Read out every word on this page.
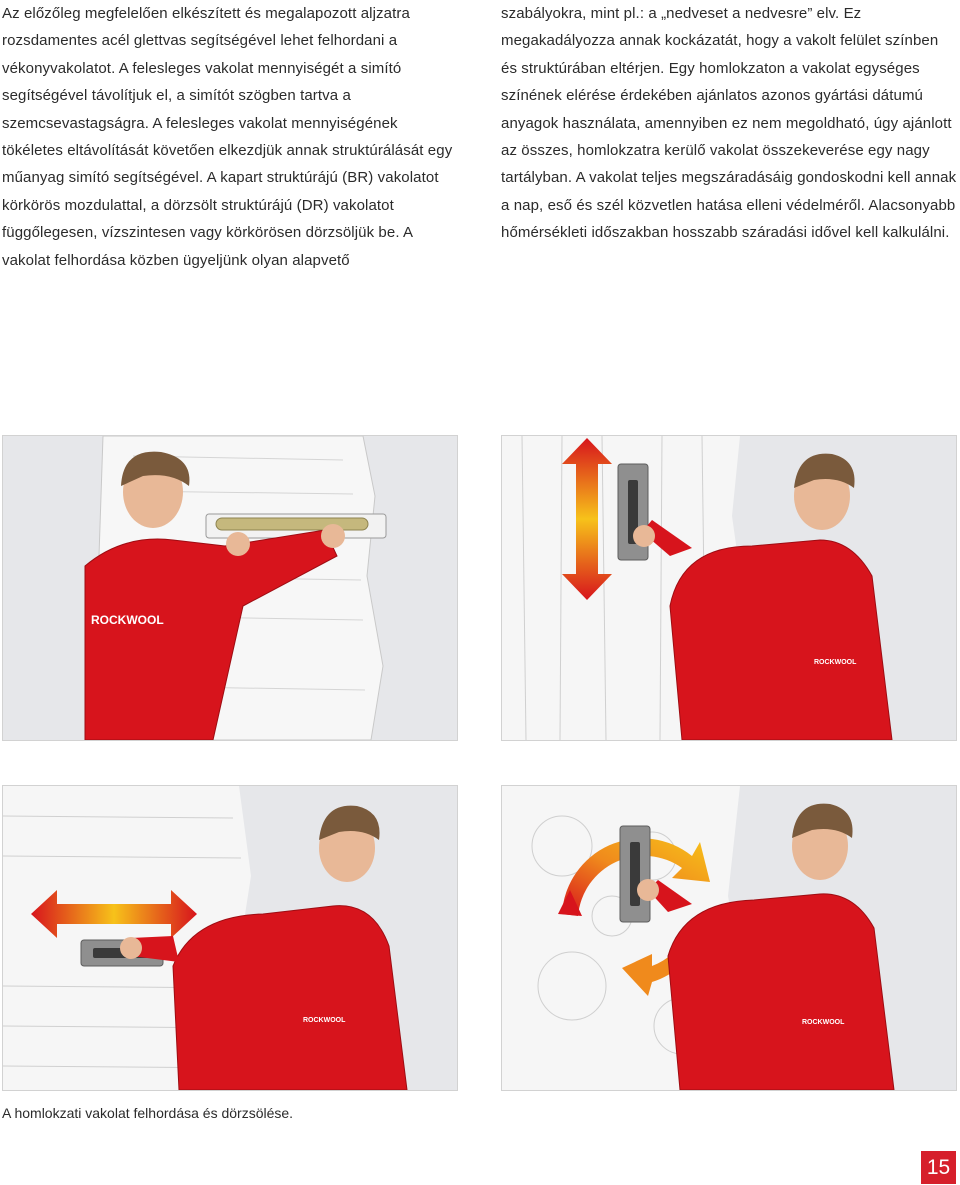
Az előzőleg megfelelően elkészített és megalapozott aljzatra rozsdamentes acél glettvas segítségével lehet felhordani a vékonyvakolatot. A felesleges vakolat mennyiségét a simító segítségével távolítjuk el, a simítót szögben tartva a szemcsevastagságra. A felesleges vakolat mennyiségének tökéletes eltávolítását követően elkezdjük annak struktúrálását egy műanyag simító segítségével. A kapart struktúrájú (BR) vakolatot körkörös mozdulattal, a dörzsölt struktúrájú (DR) vakolatot függőlegesen, vízszintesen vagy körkörösen dörzsöljük be. A vakolat felhordása közben ügyeljünk olyan alapvető

szabályokra, mint pl.: a „nedveset a nedvesre” elv. Ez megakadályozza annak kockázatát, hogy a vakolt felület színben és struktúrában eltérjen. Egy homlokzaton a vakolat egységes színének elérése érdekében ajánlatos azonos gyártási dátumú anyagok használata, amennyiben ez nem megoldható, úgy ajánlott az összes, homlokzatra kerülő vakolat összekeverése egy nagy tartályban. A vakolat teljes megszáradásáig gondoskodni kell annak a nap, eső és szél közvetlen hatása elleni védelméről. Alacsonyabb hőmérsékleti időszakban hosszabb száradási idővel kell kalkulálni.

ROCKWOOL
ROCKWOOL
ROCKWOOL	ROCKWOOL

A homlokzati vakolat felhordása és dörzsölése.

15
